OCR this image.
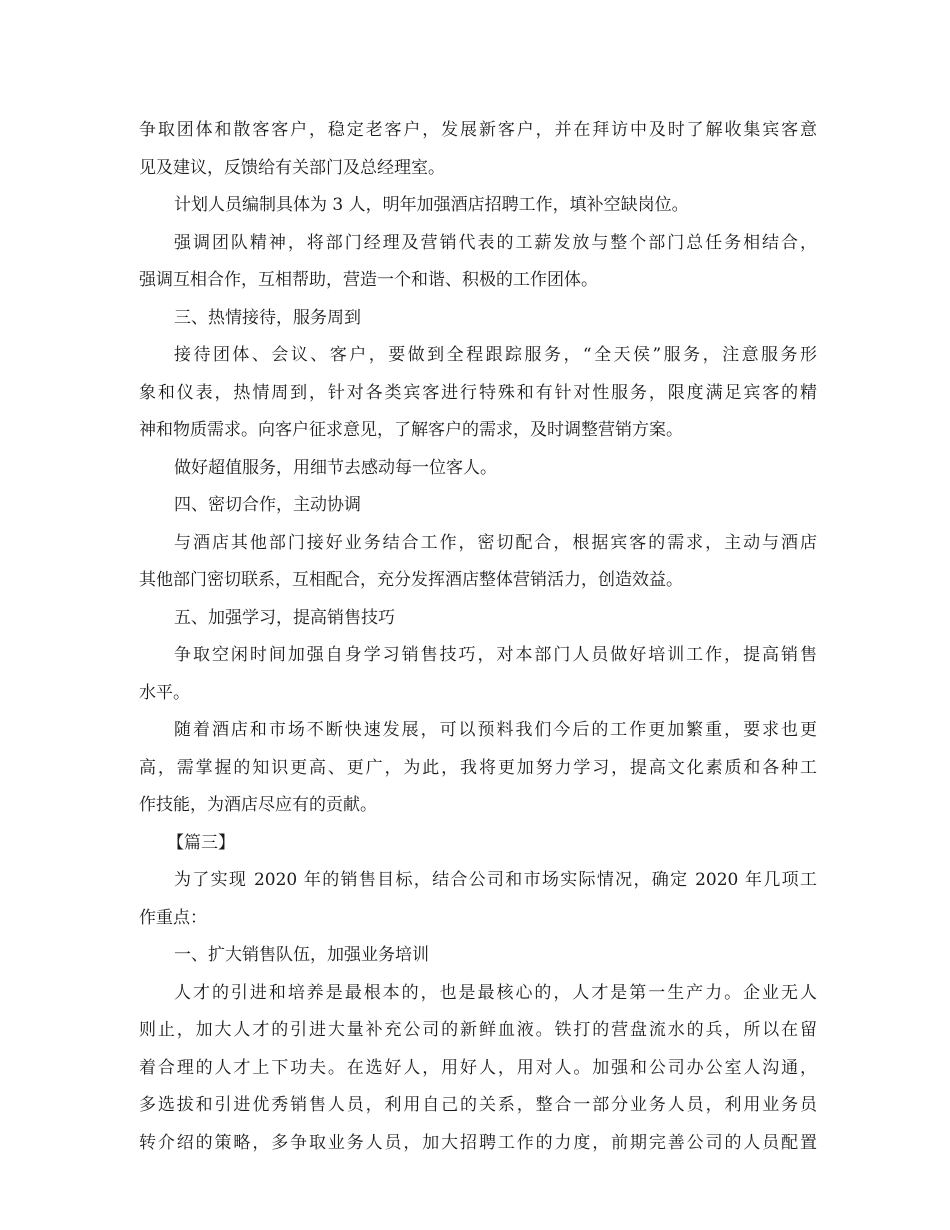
争取团体和散客客户，稳定老客户，发展新客户，并在拜访中及时了解收集宾客意
见及建议，反馈给有关部门及总经理室。
计划人员编制具体为 3 人，明年加强酒店招聘工作，填补空缺岗位。
强调团队精神，将部门经理及营销代表的工薪发放与整个部门总任务相结合，
强调互相合作，互相帮助，营造一个和谐、积极的工作团体。
三、热情接待，服务周到
接待团体、会议、客户，要做到全程跟踪服务，“全天侯”服务，注意服务形
象和仪表，热情周到，针对各类宾客进行特殊和有针对性服务，限度满足宾客的精
神和物质需求。向客户征求意见，了解客户的需求，及时调整营销方案。
做好超值服务，用细节去感动每一位客人。
四、密切合作，主动协调
与酒店其他部门接好业务结合工作，密切配合，根据宾客的需求，主动与酒店
其他部门密切联系，互相配合，充分发挥酒店整体营销活力，创造效益。
五、加强学习，提高销售技巧
争取空闲时间加强自身学习销售技巧，对本部门人员做好培训工作，提高销售
水平。
随着酒店和市场不断快速发展，可以预料我们今后的工作更加繁重，要求也更
高，需掌握的知识更高、更广，为此，我将更加努力学习，提高文化素质和各种工
作技能，为酒店尽应有的贡献。
【篇三】
为了实现 2020 年的销售目标，结合公司和市场实际情况，确定 2020 年几项工
作重点：
一、扩大销售队伍，加强业务培训
人才的引进和培养是最根本的，也是最核心的，人才是第一生产力。企业无人
则止，加大人才的引进大量补充公司的新鲜血液。铁打的营盘流水的兵，所以在留
着合理的人才上下功夫。在选好人，用好人，用对人。加强和公司办公室人沟通，
多选拔和引进优秀销售人员，利用自己的关系，整合一部分业务人员，利用业务员
转介绍的策略，多争取业务人员，加大招聘工作的力度，前期完善公司的人员配置
